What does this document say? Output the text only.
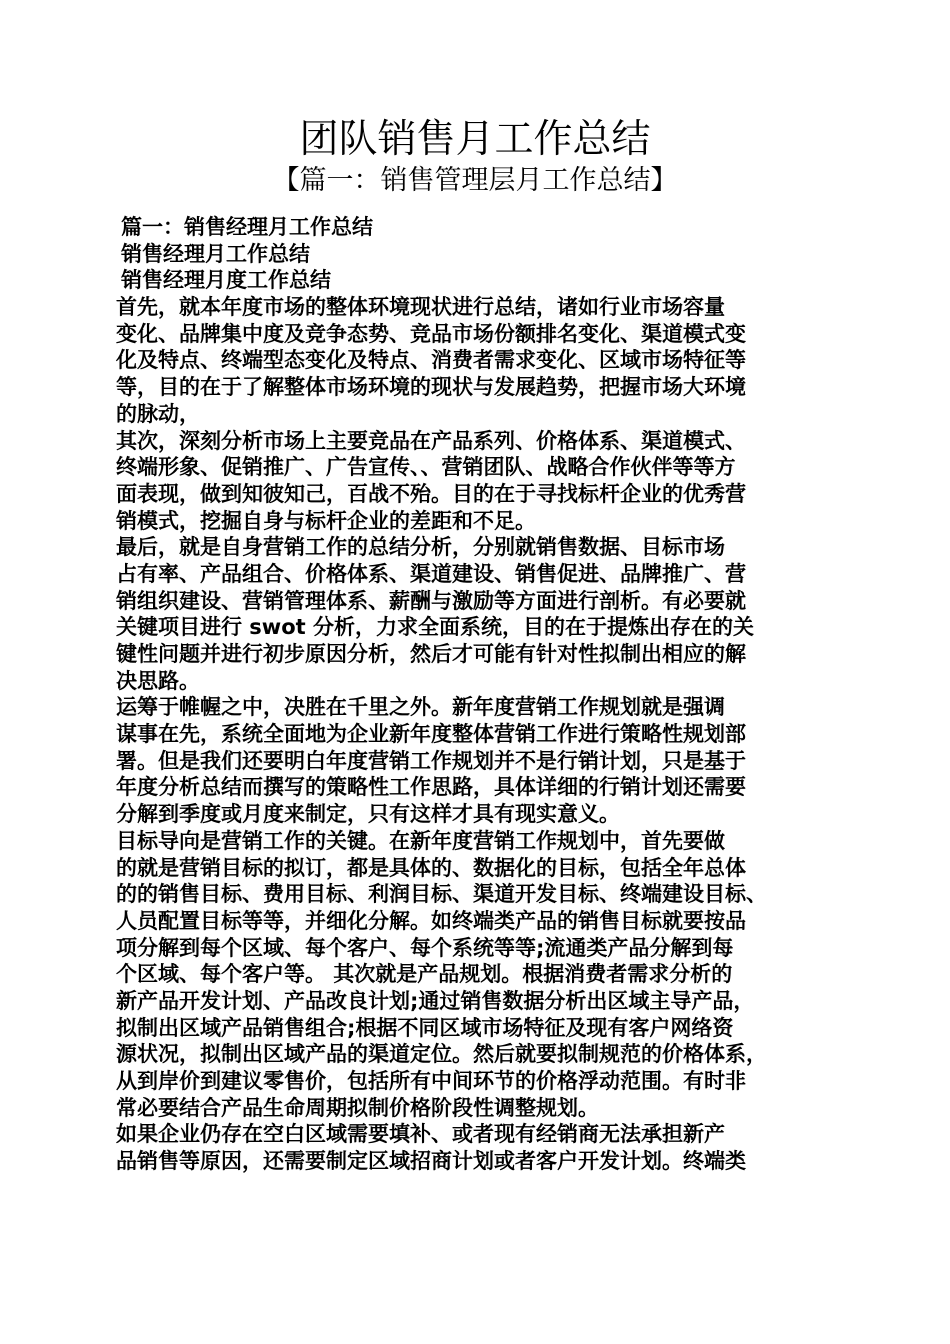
团队销售月工作总结
【篇一：销售管理层月工作总结】
篇一：销售经理月工作总结
销售经理月工作总结
销售经理月度工作总结
首先，就本年度市场的整体环境现状进行总结，诸如行业市场容量
变化、品牌集中度及竞争态势、竞品市场份额排名变化、渠道模式变
化及特点、终端型态变化及特点、消费者需求变化、区域市场特征等
等，目的在于了解整体市场环境的现状与发展趋势，把握市场大环境
的脉动，
其次，深刻分析市场上主要竞品在产品系列、价格体系、渠道模式、
终端形象、促销推广、广告宣传、、营销团队、战略合作伙伴等等方
面表现，做到知彼知己，百战不殆。目的在于寻找标杆企业的优秀营
销模式，挖掘自身与标杆企业的差距和不足。
最后，就是自身营销工作的总结分析，分别就销售数据、目标市场
占有率、产品组合、价格体系、渠道建设、销售促进、品牌推广、营
销组织建设、营销管理体系、薪酬与激励等方面进行剖析。有必要就
关键项目进行 swot 分析，力求全面系统，目的在于提炼出存在的关
键性问题并进行初步原因分析，然后才可能有针对性拟制出相应的解
决思路。
运筹于帷幄之中，决胜在千里之外。新年度营销工作规划就是强调
谋事在先，系统全面地为企业新年度整体营销工作进行策略性规划部
署。但是我们还要明白年度营销工作规划并不是行销计划，只是基于
年度分析总结而撰写的策略性工作思路，具体详细的行销计划还需要
分解到季度或月度来制定，只有这样才具有现实意义。
目标导向是营销工作的关键。在新年度营销工作规划中，首先要做
的就是营销目标的拟订，都是具体的、数据化的目标，包括全年总体
的的销售目标、费用目标、利润目标、渠道开发目标、终端建设目标、
人员配置目标等等，并细化分解。如终端类产品的销售目标就要按品
项分解到每个区域、每个客户、每个系统等等;流通类产品分解到每
个区域、每个客户等。 其次就是产品规划。根据消费者需求分析的
新产品开发计划、产品改良计划;通过销售数据分析出区域主导产品，
拟制出区域产品销售组合;根据不同区域市场特征及现有客户网络资
源状况，拟制出区域产品的渠道定位。然后就要拟制规范的价格体系，
从到岸价到建议零售价，包括所有中间环节的价格浮动范围。有时非
常必要结合产品生命周期拟制价格阶段性调整规划。
如果企业仍存在空白区域需要填补、或者现有经销商无法承担新产
品销售等原因，还需要制定区域招商计划或者客户开发计划。终端类
